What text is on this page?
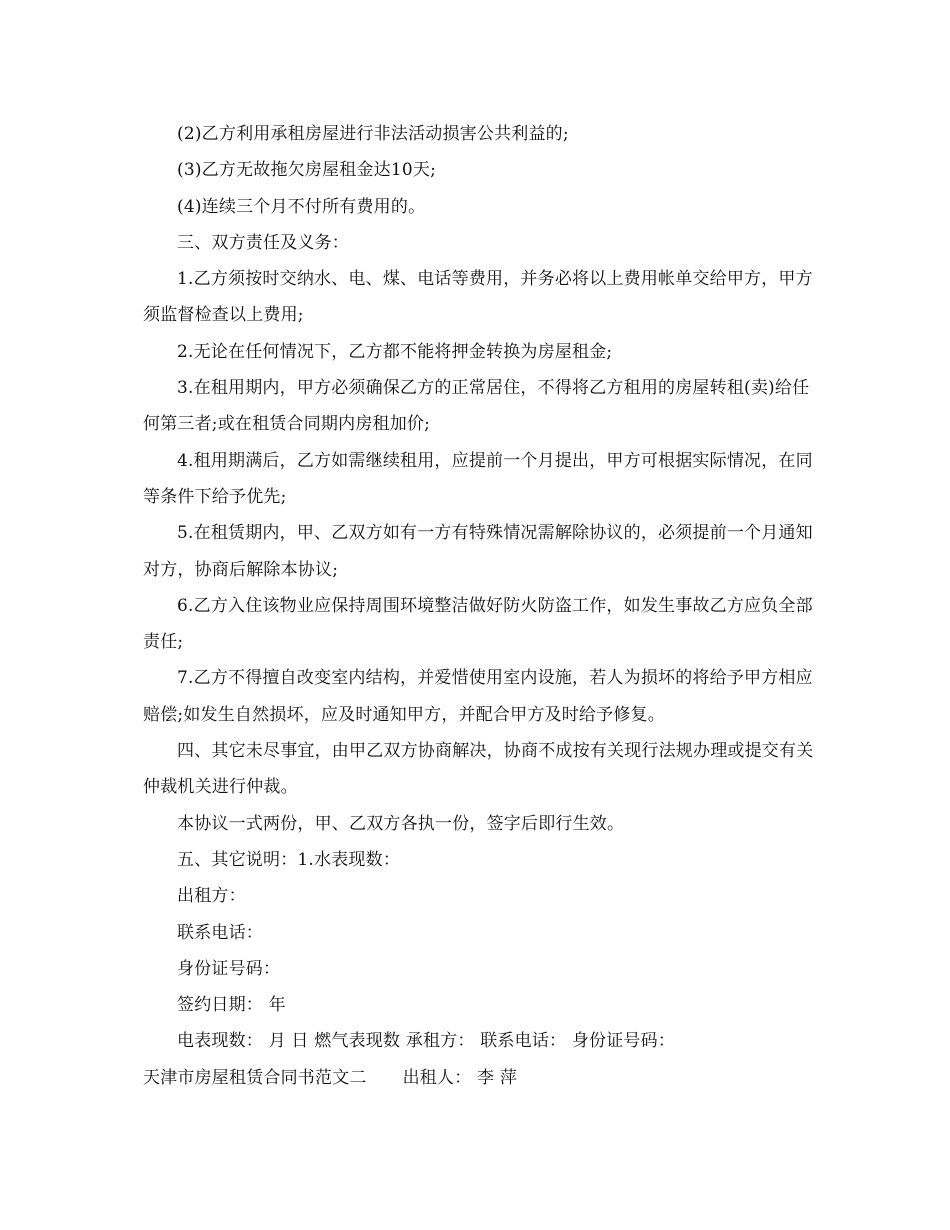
(2)乙方利用承租房屋进行非法活动损害公共利益的;

(3)乙方无故拖欠房屋租金达10天;

(4)连续三个月不付所有费用的。

三、双方责任及义务：

1.乙方须按时交纳水、电、煤、电话等费用，并务必将以上费用帐单交给甲方，甲方须监督检查以上费用;

2.无论在任何情况下，乙方都不能将押金转换为房屋租金;

3.在租用期内，甲方必须确保乙方的正常居住，不得将乙方租用的房屋转租(卖)给任何第三者;或在租赁合同期内房租加价;

4.租用期满后，乙方如需继续租用，应提前一个月提出，甲方可根据实际情况，在同等条件下给予优先;

5.在租赁期内，甲、乙双方如有一方有特殊情况需解除协议的，必须提前一个月通知对方，协商后解除本协议;

6.乙方入住该物业应保持周围环境整洁做好防火防盗工作，如发生事故乙方应负全部责任;

7.乙方不得擅自改变室内结构，并爱惜使用室内设施，若人为损坏的将给予甲方相应赔偿;如发生自然损坏，应及时通知甲方，并配合甲方及时给予修复。

四、其它未尽事宜，由甲乙双方协商解决，协商不成按有关现行法规办理或提交有关仲裁机关进行仲裁。

本协议一式两份，甲、乙双方各执一份，签字后即行生效。

五、其它说明：1.水表现数：

出租方：

联系电话：

身份证号码：

签约日期： 年

电表现数： 月 日 燃气表现数 承租方： 联系电话： 身份证号码：

天津市房屋租赁合同书范文二 出租人： 李 萍
